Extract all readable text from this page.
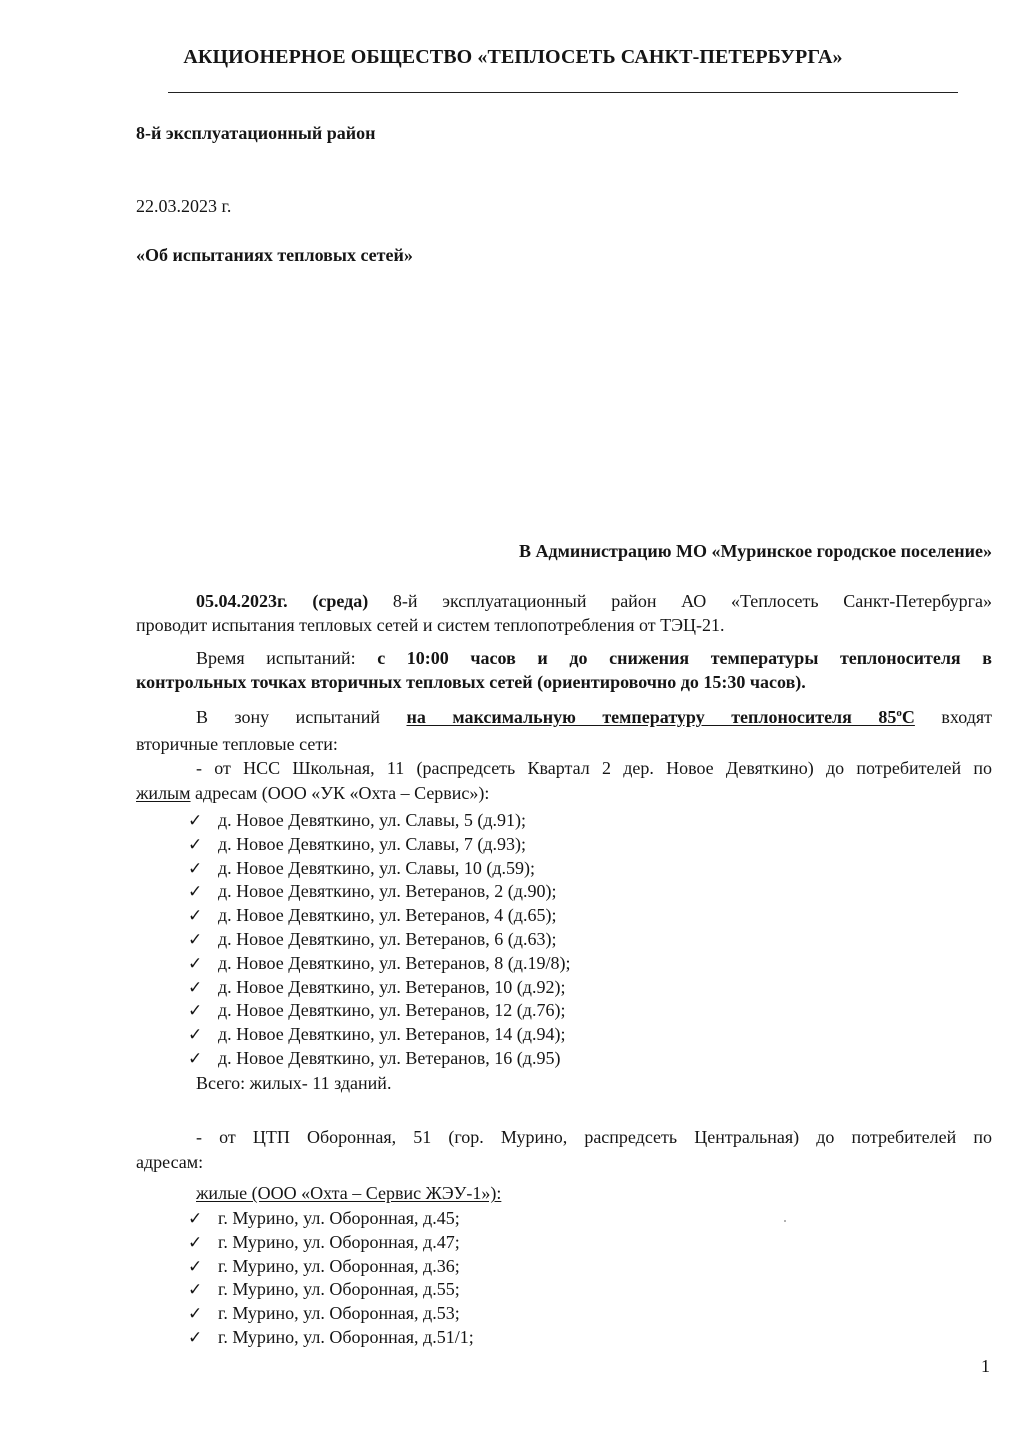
АКЦИОНЕРНОЕ ОБЩЕСТВО «ТЕПЛОСЕТЬ САНКТ-ПЕТЕРБУРГА»
8-й эксплуатационный район
22.03.2023 г.
«Об испытаниях тепловых сетей»
В Администрацию МО «Муринское городское поселение»
05.04.2023г. (среда) 8-й эксплуатационный район АО «Теплосеть Санкт-Петербурга»
проводит испытания тепловых сетей и систем теплопотребления от ТЭЦ-21.
Время испытаний: с 10:00 часов и до снижения температуры теплоносителя в
контрольных точках вторичных тепловых сетей (ориентировочно до 15:30 часов).
В зону испытаний на максимальную температуру теплоносителя $85^оС$ входят
вторичные тепловые сети:
- от НСС Школьная, 11 (распредсеть Квартал 2 дер. Новое Девяткино) до потребителей по
жилым адресам (ООО «УК «Охта – Сервис»):
✓ д. Новое Девяткино, ул. Славы, 5 (д.91);
✓ д. Новое Девяткино, ул. Славы, 7 (д.93);
✓ д. Новое Девяткино, ул. Славы, 10 (д.59);
✓ д. Новое Девяткино, ул. Ветеранов, 2 (д.90);
✓ д. Новое Девяткино, ул. Ветеранов, 4 (д.65);
✓ д. Новое Девяткино, ул. Ветеранов, 6 (д.63);
✓ д. Новое Девяткино, ул. Ветеранов, 8 (д.19/8);
✓ д. Новое Девяткино, ул. Ветеранов, 10 (д.92);
✓ д. Новое Девяткино, ул. Ветеранов, 12 (д.76);
✓ д. Новое Девяткино, ул. Ветеранов, 14 (д.94);
✓ д. Новое Девяткино, ул. Ветеранов, 16 (д.95)
Всего: жилых- 11 зданий.
- от ЦТП Оборонная, 51 (гор. Мурино, распредсеть Центральная) до потребителей по
адресам:
жилые (ООО «Охта – Сервис ЖЭУ-1»):
✓ г. Мурино, ул. Оборонная, д.45;
✓ г. Мурино, ул. Оборонная, д.47;
✓ г. Мурино, ул. Оборонная, д.36;
✓ г. Мурино, ул. Оборонная, д.55;
✓ г. Мурино, ул. Оборонная, д.53;
✓ г. Мурино, ул. Оборонная, д.51/1;
1
